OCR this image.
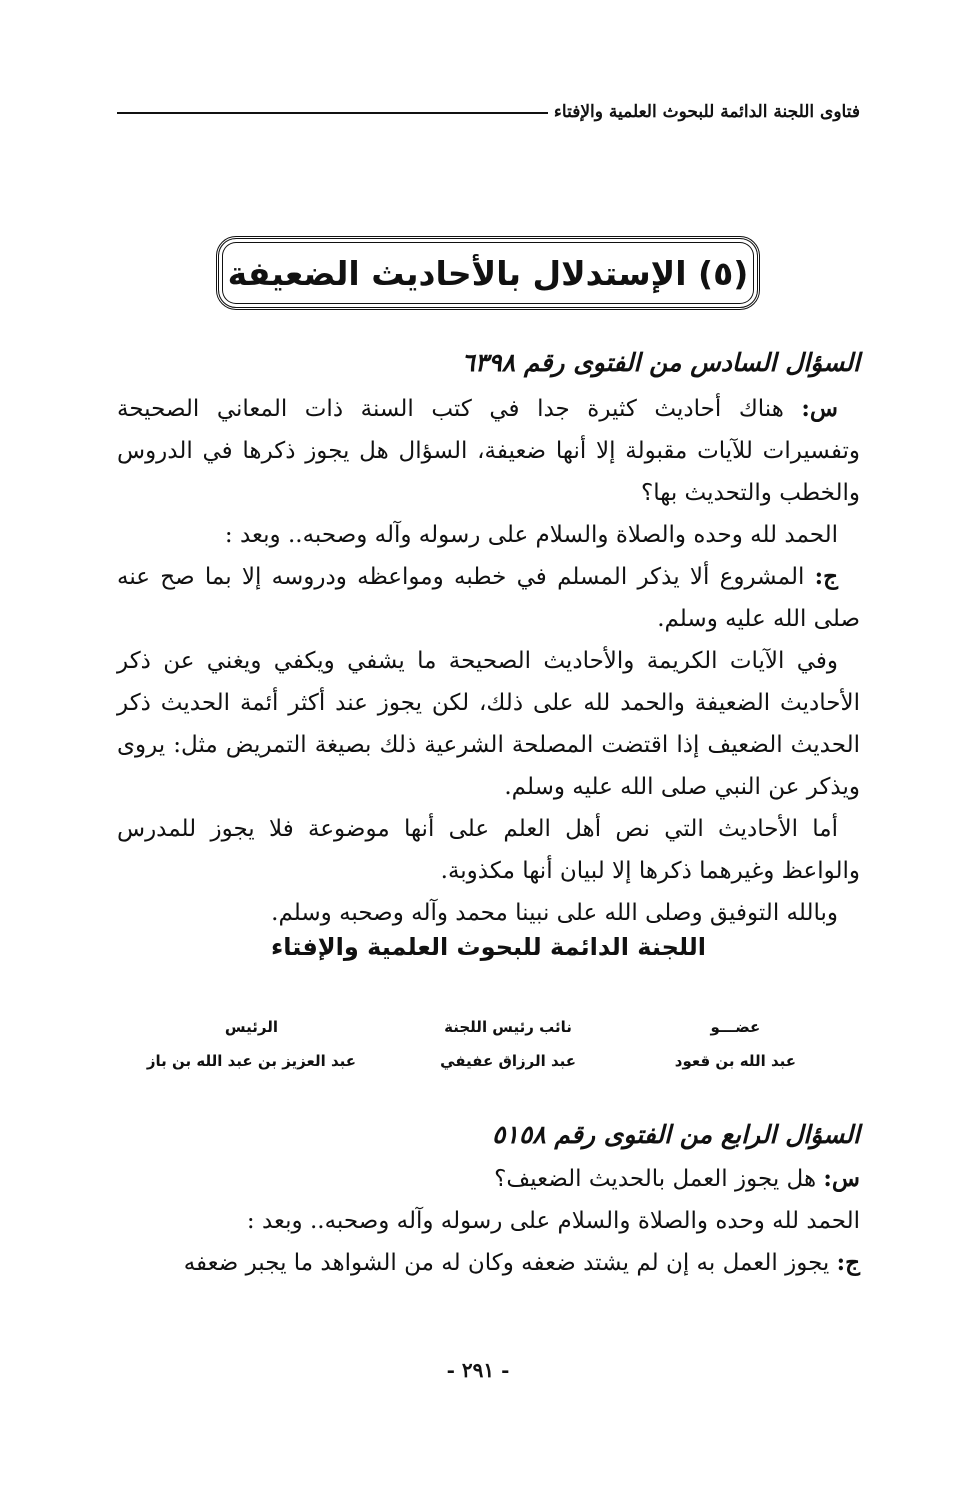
فتاوى اللجنة الدائمة للبحوث العلمية والإفتاء
(٥) الإستدلال بالأحاديث الضعيفة
السؤال السادس من الفتوى رقم ٦٣٩٨
س: هناك أحاديث كثيرة جدا في كتب السنة ذات المعاني الصحيحة وتفسيرات للآيات مقبولة إلا أنها ضعيفة، السؤال هل يجوز ذكرها في الدروس والخطب والتحديث بها؟
الحمد لله وحده والصلاة والسلام على رسوله وآله وصحبه.. وبعد :
ج: المشروع ألا يذكر المسلم في خطبه ومواعظه ودروسه إلا بما صح عنه صلى الله عليه وسلم.
وفي الآيات الكريمة والأحاديث الصحيحة ما يشفي ويكفي ويغني عن ذكر الأحاديث الضعيفة والحمد لله على ذلك، لكن يجوز عند أكثر أئمة الحديث ذكر الحديث الضعيف إذا اقتضت المصلحة الشرعية ذلك بصيغة التمريض مثل: يروى ويذكر عن النبي صلى الله عليه وسلم.
أما الأحاديث التي نص أهل العلم على أنها موضوعة فلا يجوز للمدرس والواعظ وغيرهما ذكرها إلا لبيان أنها مكذوبة.
وبالله التوفيق وصلى الله على نبينا محمد وآله وصحبه وسلم.
اللجنة الدائمة للبحوث العلمية والإفتاء
عضـــو
عبد الله بن قعود
نائب رئيس اللجنة
عبد الرزاق عفيفي
الرئيس
عبد العزيز بن عبد الله بن باز
السؤال الرابع من الفتوى رقم ٥١٥٨
س: هل يجوز العمل بالحديث الضعيف؟
الحمد لله وحده والصلاة والسلام على رسوله وآله وصحبه.. وبعد :
ج: يجوز العمل به إن لم يشتد ضعفه وكان له من الشواهد ما يجبر ضعفه
- ٢٩١ -
